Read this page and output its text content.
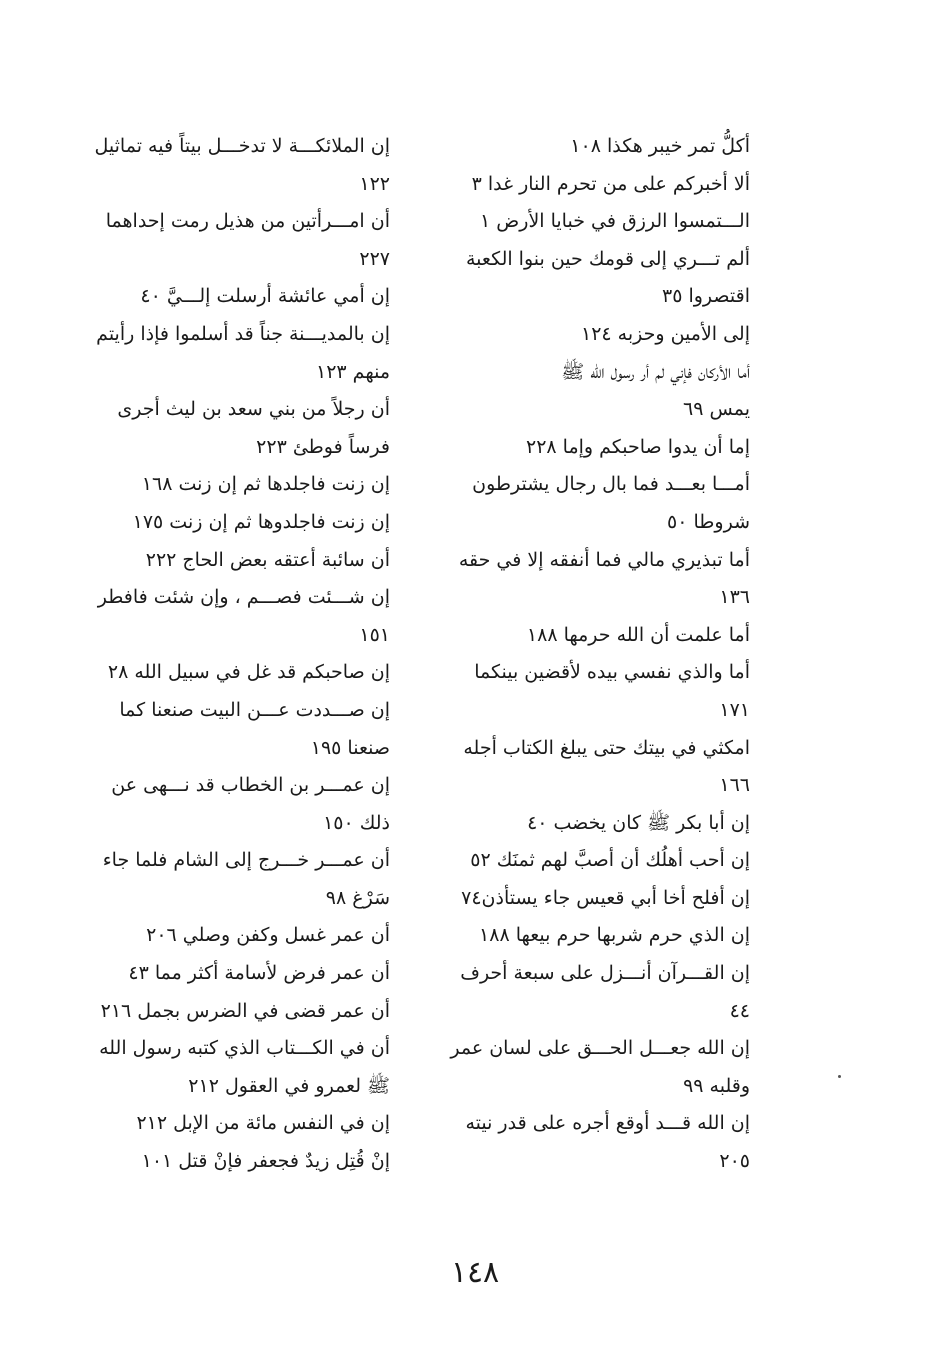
أكلُّ تمر خيبر هكذا ١٠٨
ألا أخبركم على من تحرم النار غدا ٣
الـــتمسوا الرزق في خبايا الأرض ١
ألم تـــري إلى قومك حين بنوا الكعبة
اقتصروا ٣٥
إلى الأمين وحزبه ١٢٤
أما الأركان فإني لم أر رسول الله ﷺ
يمس ٦٩
إما أن يدوا صاحبكم وإما ٢٢٨
أمـــا بعـــد فما بال رجال يشترطون
شروطا ٥٠
أما تبذيري مالي فما أنفقه إلا في حقه
١٣٦
أما علمت أن الله حرمها ١٨٨
أما والذي نفسي بيده لأقضين بينكما
١٧١
امكثي في بيتك حتى يبلغ الكتاب أجله
١٦٦
إن أبا بكر ﷺ كان يخضب ٤٠
إن أحب أهلُك أن أصبَّ لهم ثمنَك ٥٢
إن أفلح أخا أبي قعيس جاء يستأذن٧٤
إن الذي حرم شربها حرم بيعها ١٨٨
إن القـــرآن أنـــزل على سبعة أحرف
٤٤
إن الله جعـــل الحـــق على لسان عمر
وقلبه ٩٩
إن الله قـــد أوقع أجره على قدر نيته
٢٠٥
إن الملائكـــة لا تدخـــل بيتاً فيه تماثيل
١٢٢
أن امـــرأتين من هذيل رمت إحداهما
٢٢٧
إن أمي عائشة أرسلت إلـــيَّ ٤٠
إن بالمديـــنة جناً قد أسلموا فإذا رأيتم
منهم ١٢٣
أن رجلاً من بني سعد بن ليث أجرى
فرساً فوطئ ٢٢٣
إن زنت فاجلدها ثم إن زنت ١٦٨
إن زنت فاجلدوها ثم إن زنت ١٧٥
أن سائبة أعتقه بعض الحاج ٢٢٢
إن شـــئت فصـــم ، وإن شئت فافطر
١٥١
إن صاحبكم قد غل في سبيل الله ٢٨
إن صـــددت عـــن البيت صنعنا كما
صنعنا ١٩٥
إن عمـــر بن الخطاب قد نـــهى عن
ذلك ١٥٠
أن عمـــر خـــرج إلى الشام فلما جاء
سَرْغ ٩٨
أن عمر غسل وكفن وصلي ٢٠٦
أن عمر فرض لأسامة أكثر مما ٤٣
أن عمر قضى في الضرس بجمل ٢١٦
أن في الكـــتاب الذي كتبه رسول الله
ﷺ لعمرو في العقول ٢١٢
إن في النفس مائة من الإبل ٢١٢
إنْ قُتِل زيدٌ فجعفر فإنْ قتل ١٠١
١٤٨
